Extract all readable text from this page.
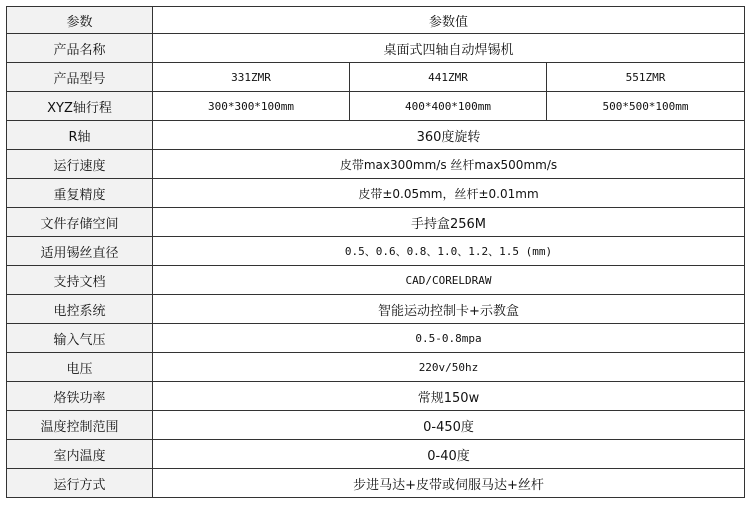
参数	参数值		
产品名称	桌面式四轴自动焊锡机		
产品型号	331ZMR	441ZMR	551ZMR
XYZ轴行程	300*300*100mm	400*400*100mm	500*500*100mm
R轴	360度旋转		
运行速度	皮带max300mm/s 丝杆max500mm/s		
重复精度	皮带±0.05mm，丝杆±0.01mm		
文件存储空间	手持盒256M		
适用锡丝直径	0.5、0.6、0.8、1.0、1.2、1.5 (mm)		
支持文档	CAD/CORELDRAW		
电控系统	智能运动控制卡+示教盒		
输入气压	0.5-0.8mpa		
电压	220v/50hz		
烙铁功率	常规150w		
温度控制范围	0-450度		
室内温度	0-40度		
运行方式	步进马达+皮带或伺服马达+丝杆		
